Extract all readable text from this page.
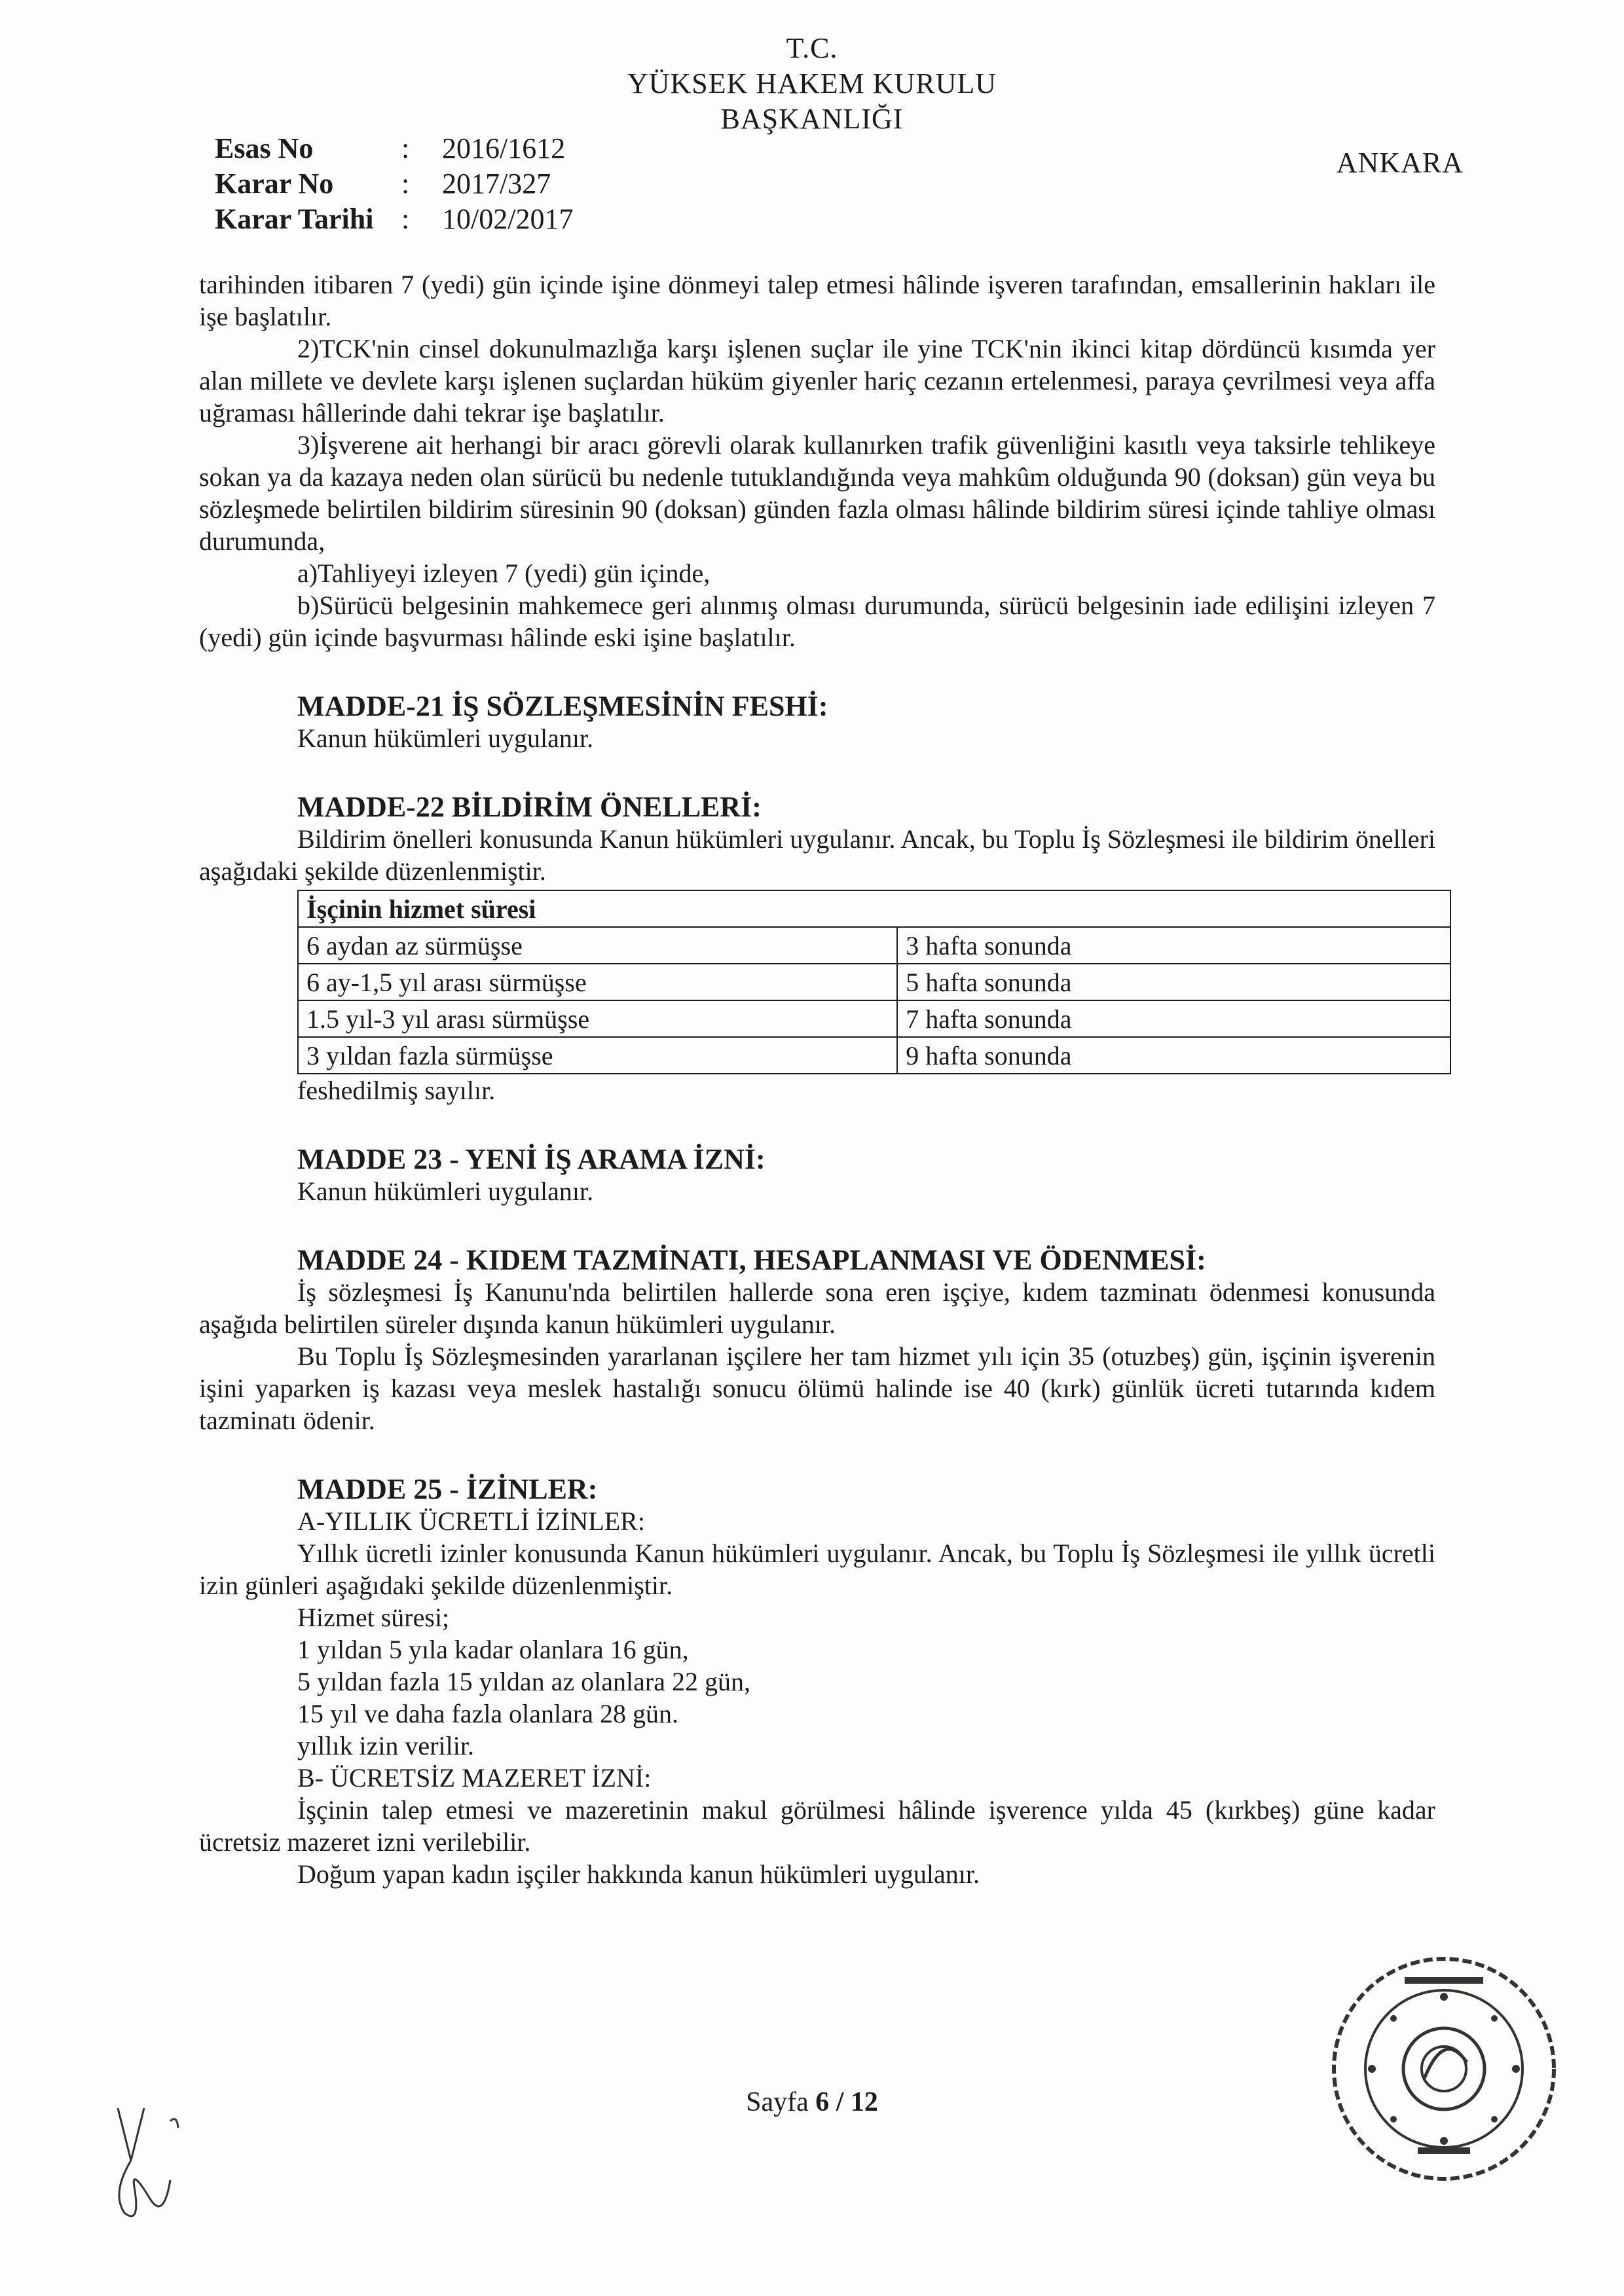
T.C.
YÜKSEK HAKEM KURULU
BAŞKANLIĞI
ANKARA
Esas No	:	2016/1612
Karar No	:	2017/327
Karar Tarihi :	10/02/2017

tarihinden itibaren 7 (yedi) gün içinde işine dönmeyi talep etmesi hâlinde işveren tarafından, emsallerinin hakları ile işe başlatılır.

2)TCK'nin cinsel dokunulmazlığa karşı işlenen suçlar ile yine TCK'nin ikinci kitap dördüncü kısımda yer alan millete ve devlete karşı işlenen suçlardan hüküm giyenler hariç cezanın ertelenmesi, paraya çevrilmesi veya affa uğraması hâllerinde dahi tekrar işe başlatılır.

3)İşverene ait herhangi bir aracı görevli olarak kullanırken trafik güvenliğini kasıtlı veya taksirle tehlikeye sokan ya da kazaya neden olan sürücü bu nedenle tutuklandığında veya mahkûm olduğunda 90 (doksan) gün veya bu sözleşmede belirtilen bildirim süresinin 90 (doksan) günden fazla olması hâlinde bildirim süresi içinde tahliye olması durumunda,

a)Tahliyeyi izleyen 7 (yedi) gün içinde,

b)Sürücü belgesinin mahkemece geri alınmış olması durumunda, sürücü belgesinin iade edilişini izleyen 7 (yedi) gün içinde başvurması hâlinde eski işine başlatılır.

MADDE-21 İŞ SÖZLEŞMESİNİN FESHİ:

Kanun hükümleri uygulanır.

MADDE-22 BİLDİRİM ÖNELLERİ:

Bildirim önelleri konusunda Kanun hükümleri uygulanır. Ancak, bu Toplu İş Sözleşmesi ile bildirim önelleri aşağıdaki şekilde düzenlenmiştir.

İşçinin hizmet süresi	
6 aydan az sürmüşse	3 hafta sonunda
6 ay-1,5 yıl arası sürmüşse	5 hafta sonunda
1.5 yıl-3 yıl arası sürmüşse	7 hafta sonunda
3 yıldan fazla sürmüşse	9 hafta sonunda

feshedilmiş sayılır.

MADDE 23 - YENİ İŞ ARAMA İZNİ:

Kanun hükümleri uygulanır.

MADDE 24 - KIDEM TAZMİNATI, HESAPLANMASI VE ÖDENMESİ:

İş sözleşmesi İş Kanunu'nda belirtilen hallerde sona eren işçiye, kıdem tazminatı ödenmesi konusunda aşağıda belirtilen süreler dışında kanun hükümleri uygulanır.

Bu Toplu İş Sözleşmesinden yararlanan işçilere her tam hizmet yılı için 35 (otuzbeş) gün, işçinin işverenin işini yaparken iş kazası veya meslek hastalığı sonucu ölümü halinde ise 40 (kırk) günlük ücreti tutarında kıdem tazminatı ödenir.

MADDE 25 - İZİNLER:

A-YILLIK ÜCRETLİ İZİNLER:

Yıllık ücretli izinler konusunda Kanun hükümleri uygulanır. Ancak, bu Toplu İş Sözleşmesi ile yıllık ücretli izin günleri aşağıdaki şekilde düzenlenmiştir.

Hizmet süresi;

1 yıldan 5 yıla kadar olanlara 16 gün,

5 yıldan fazla 15 yıldan az olanlara 22 gün,

15 yıl ve daha fazla olanlara 28 gün.

yıllık izin verilir.

B- ÜCRETSİZ MAZERET İZNİ:

İşçinin talep etmesi ve mazeretinin makul görülmesi hâlinde işverence yılda 45 (kırkbeş) güne kadar ücretsiz mazeret izni verilebilir.

Doğum yapan kadın işçiler hakkında kanun hükümleri uygulanır.

Sayfa 6 / 12
